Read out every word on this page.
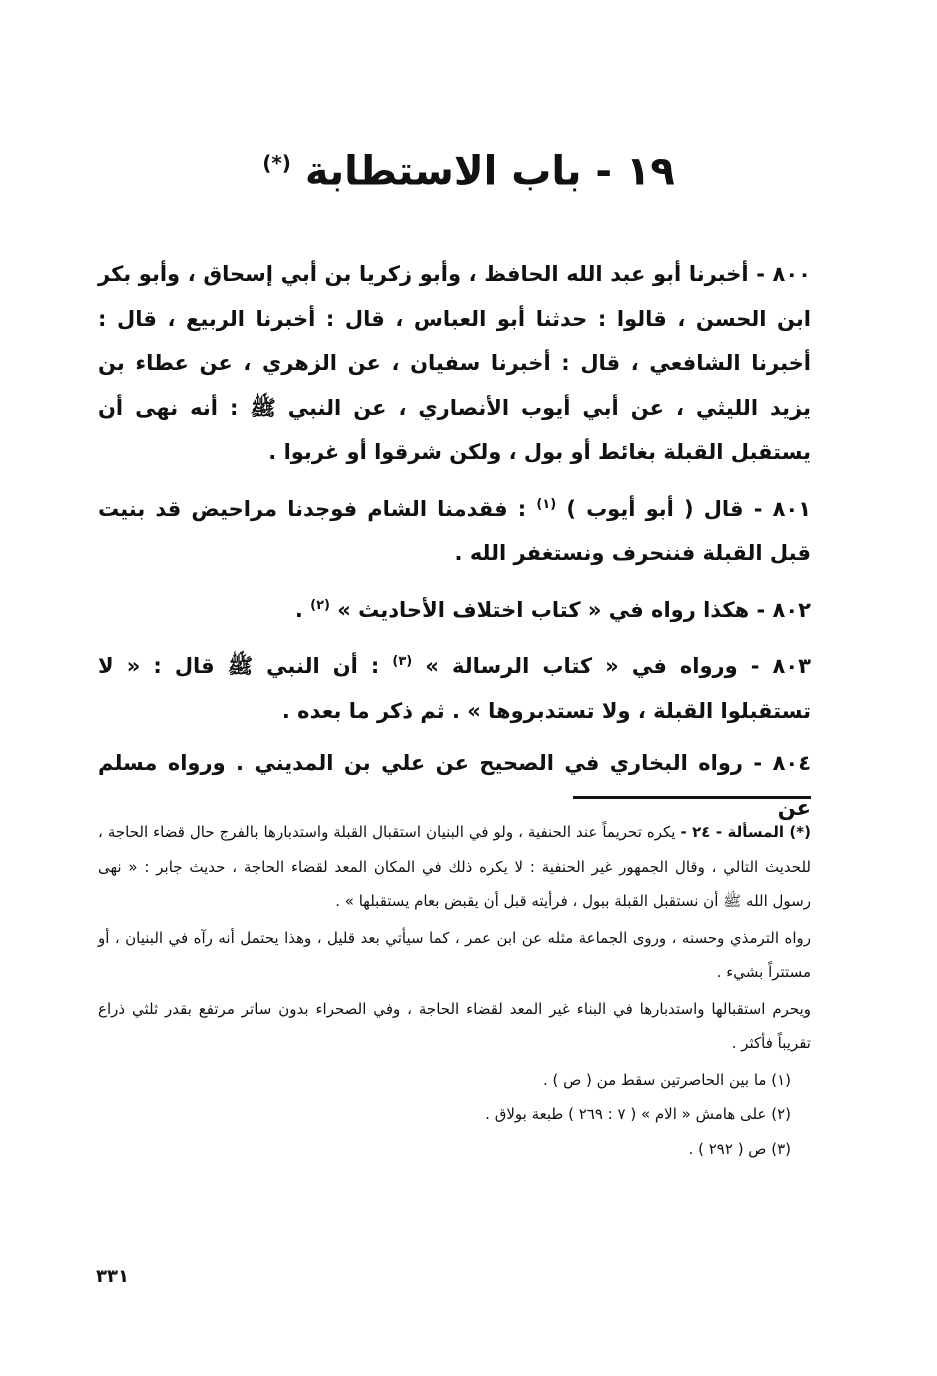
١٩ - باب الاستطابة (*)

٨٠٠ - أخبرنا أبو عبد الله الحافظ ، وأبو زكريا بن أبي إسحاق ، وأبو بكر ابن الحسن ، قالوا : حدثنا أبو العباس ، قال : أخبرنا الربيع ، قال : أخبرنا الشافعي ، قال : أخبرنا سفيان ، عن الزهري ، عن عطاء بن يزيد الليثي ، عن أبي أيوب الأنصاري ، عن النبي ﷺ : أنه نهى أن يستقبل القبلة بغائط أو بول ، ولكن شرقوا أو غربوا .

٨٠١ - قال ( أبو أيوب ) $^{(١)}$ : فقدمنا الشام فوجدنا مراحيض قد بنيت قبل القبلة فننحرف ونستغفر الله .

٨٠٢ - هكذا رواه في « كتاب اختلاف الأحاديث » $^{(٢)}$ .

٨٠٣ - ورواه في « كتاب الرسالة » $^{(٣)}$ : أن النبي ﷺ قال : « لا تستقبلوا القبلة ، ولا تستدبروها » . ثم ذكر ما بعده .

٨٠٤ - رواه البخاري في الصحيح عن علي بن المديني . ورواه مسلم عن

(*) المسألة - ٢٤ - يكره تحريماً عند الحنفية ، ولو في البنيان استقبال القبلة واستدبارها بالفرج حال قضاء الحاجة ، للحديث التالي ، وقال الجمهور غير الحنفية : لا يكره ذلك في المكان المعد لقضاء الحاجة ، حديث جابر : « نهى رسول الله ﷺ أن نستقبل القبلة ببول ، فرأيته قبل أن يقبض بعام يستقبلها » .

رواه الترمذي وحسنه ، وروى الجماعة مثله عن ابن عمر ، كما سيأتي بعد قليل ، وهذا يحتمل أنه رآه في البنيان ، أو مستتراً بشيء .

ويحرم استقبالها واستدبارها في البناء غير المعد لقضاء الحاجة ، وفي الصحراء بدون ساتر مرتفع بقدر ثلثي ذراع تقريباً فأكثر .

(١) ما بين الحاصرتين سقط من ( ص ) .

(٢) على هامش « الام » ( ٧ : ٢٦٩ ) طبعة بولاق .

(٣) ص ( ٢٩٢ ) .

٣٣١
